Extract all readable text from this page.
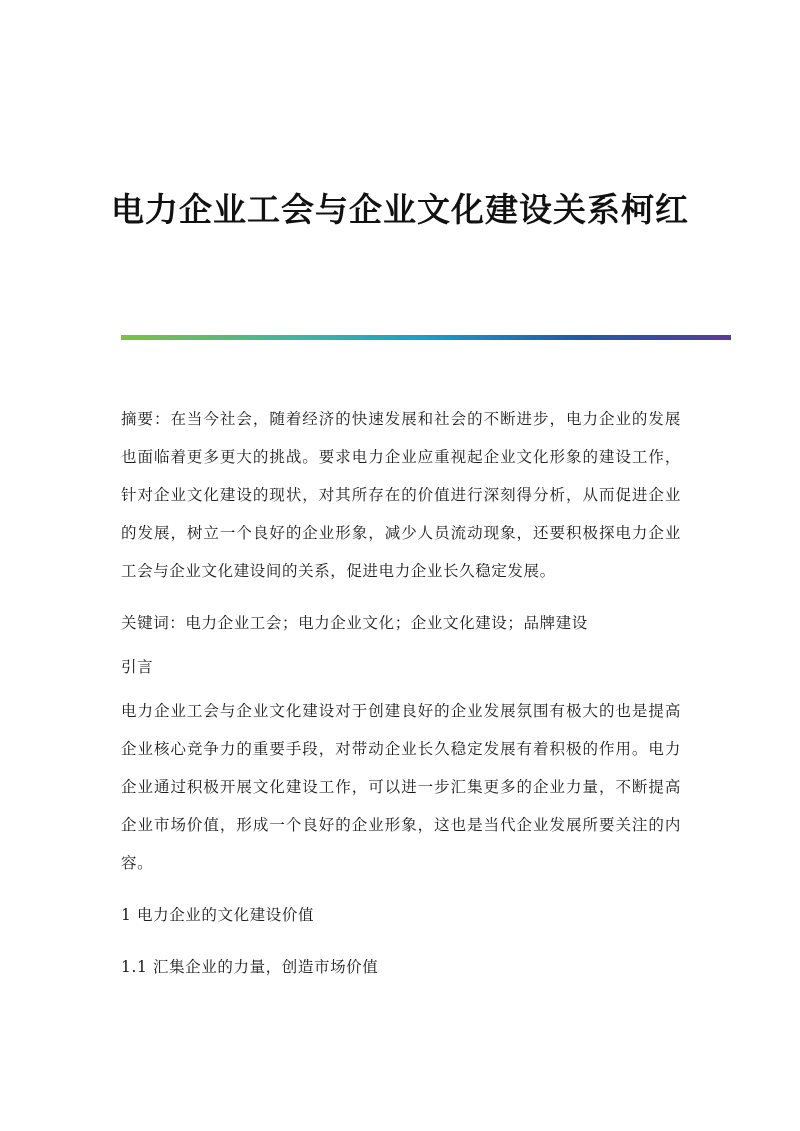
电力企业工会与企业文化建设关系柯红

摘要：在当今社会，随着经济的快速发展和社会的不断进步，电力企业的发展也面临着更多更大的挑战。要求电力企业应重视起企业文化形象的建设工作，针对企业文化建设的现状，对其所存在的价值进行深刻得分析，从而促进企业的发展，树立一个良好的企业形象，减少人员流动现象，还要积极探电力企业工会与企业文化建设间的关系，促进电力企业长久稳定发展。

关键词：电力企业工会；电力企业文化；企业文化建设；品牌建设

引言

电力企业工会与企业文化建设对于创建良好的企业发展氛围有极大的也是提高企业核心竞争力的重要手段，对带动企业长久稳定发展有着积极的作用。电力企业通过积极开展文化建设工作，可以进一步汇集更多的企业力量，不断提高企业市场价值，形成一个良好的企业形象，这也是当代企业发展所要关注的内容。

1 电力企业的文化建设价值

1.1 汇集企业的力量，创造市场价值
